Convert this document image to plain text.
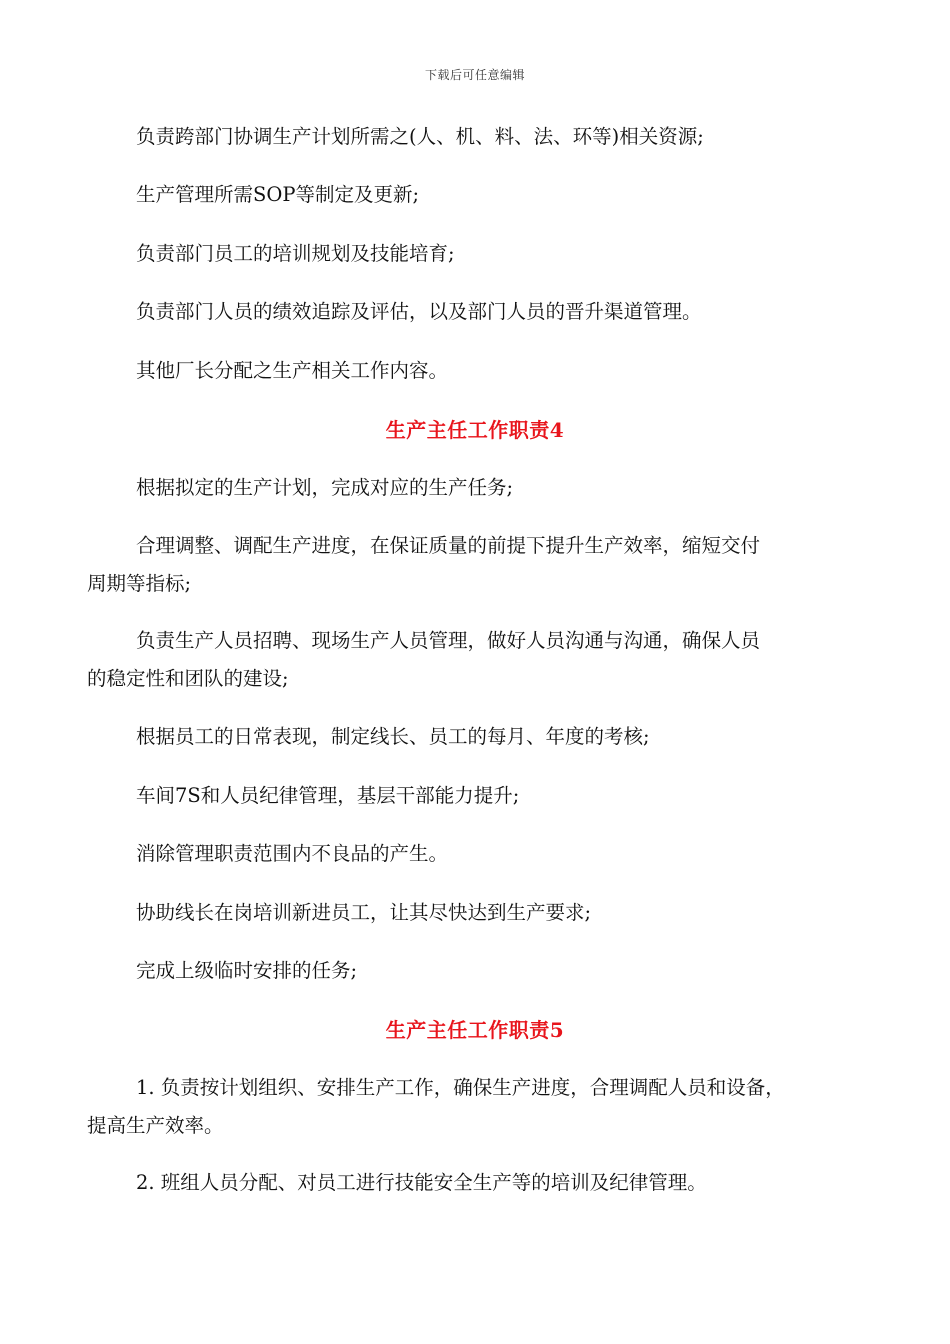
下载后可任意编辑
负责跨部门协调生产计划所需之(人、机、料、法、环等)相关资源;
生产管理所需SOP等制定及更新;
负责部门员工的培训规划及技能培育;
负责部门人员的绩效追踪及评估，以及部门人员的晋升渠道管理。
其他厂长分配之生产相关工作内容。
生产主任工作职责4
根据拟定的生产计划，完成对应的生产任务;
合理调整、调配生产进度，在保证质量的前提下提升生产效率，缩短交付
周期等指标;
负责生产人员招聘、现场生产人员管理，做好人员沟通与沟通，确保人员
的稳定性和团队的建设;
根据员工的日常表现，制定线长、员工的每月、年度的考核;
车间7S和人员纪律管理，基层干部能力提升;
消除管理职责范围内不良品的产生。
协助线长在岗培训新进员工，让其尽快达到生产要求;
完成上级临时安排的任务;
生产主任工作职责5
1. 负责按计划组织、安排生产工作，确保生产进度，合理调配人员和设备，
提高生产效率。
2. 班组人员分配、对员工进行技能安全生产等的培训及纪律管理。
